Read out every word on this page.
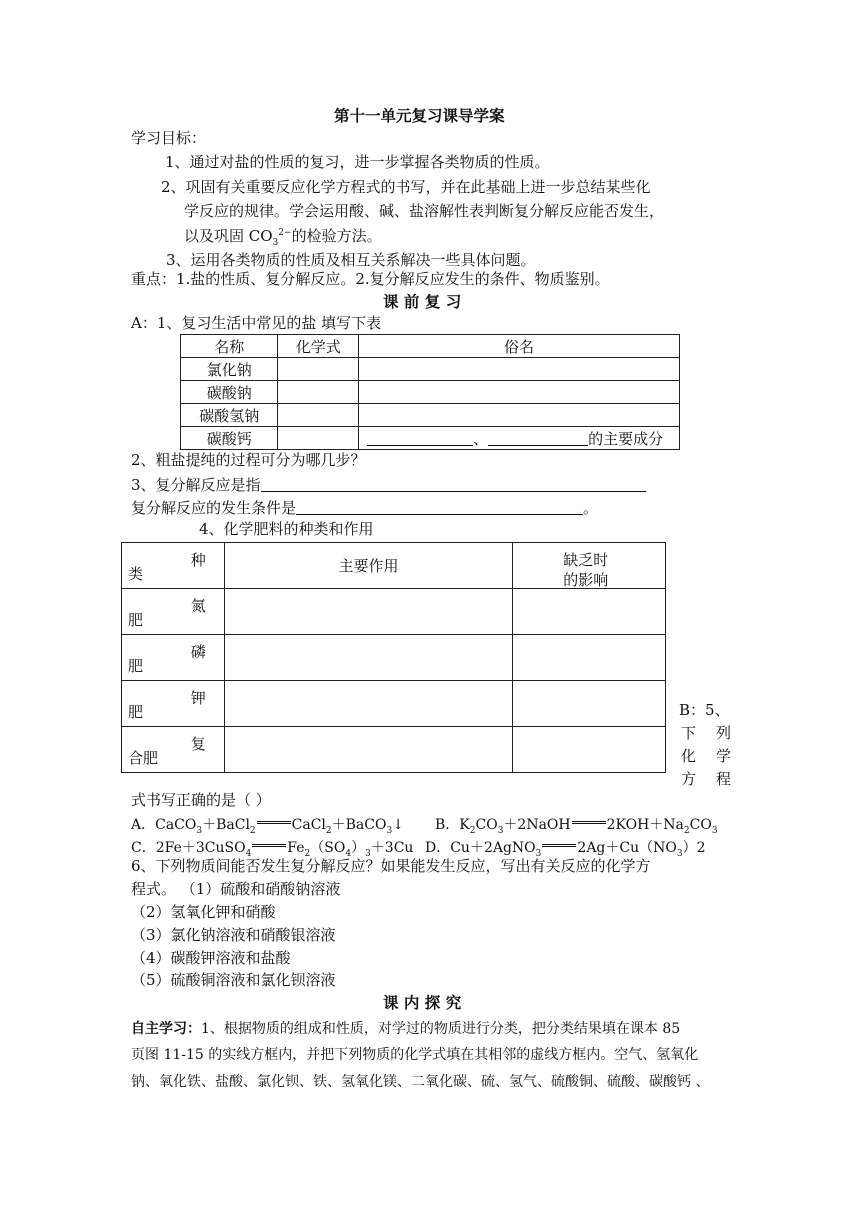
第十一单元复习课导学案
学习目标：
1、通过对盐的性质的复习，进一步掌握各类物质的性质。
2、巩固有关重要反应化学方程式的书写，并在此基础上进一步总结某些化
学反应的规律。学会运用酸、碱、盐溶解性表判断复分解反应能否发生，
以及巩固 $CO_3^{2-}$的检验方法。
3、运用各类物质的性质及相互关系解决一些具体问题。
重点：1.盐的性质、复分解反应。2.复分解反应发生的条件、物质鉴别。
课 前 复 习
A：1、复习生活中常见的盐 填写下表
名称	化学式	俗名
氯化钠		
碳酸钠		
碳酸氢钠		
碳酸钙		、 的主要成分
2、粗盐提纯的过程可分为哪几步？
3、复分解反应是指
复分解反应的发生条件是	。
4、化学肥料的种类和作用
种
类	主要作用	缺乏时
的影响

氮
肥		

磷
肥		

钾
肥		

复
合肥		

B：5、
下 列
化 学
方 程
式书写正确的是（ ）
A．CaCO$_3$＋BaCl$_2$	CaCl$_2$＋BaCO$_3$↓ B．$K_2CO_3+2NaOH$	$2KOH+Na_2CO_3$
C．2Fe＋3CuSO$_4$	$Fe_2(SO_4)_3+3Cu$ D．Cu＋2AgNO$_3$	$2Ag+Cu(NO_3)2$
6、下列物质间能否发生复分解反应？如果能发生反应，写出有关反应的化学方
程式。 （1）硫酸和硝酸钠溶液
（2）氢氧化钾和硝酸
（3）氯化钠溶液和硝酸银溶液
（4）碳酸钾溶液和盐酸
（5）硫酸铜溶液和氯化钡溶液
课 内 探 究
自主学习：1、根据物质的组成和性质，对学过的物质进行分类，把分类结果填在课本 85
页图 11-15 的实线方框内，并把下列物质的化学式填在其相邻的虚线方框内。空气、氢氧化
钠、氧化铁、盐酸、氯化钡、铁、氢氧化镁、二氧化碳、硫、氢气、硫酸铜、硫酸、碳酸钙 、
